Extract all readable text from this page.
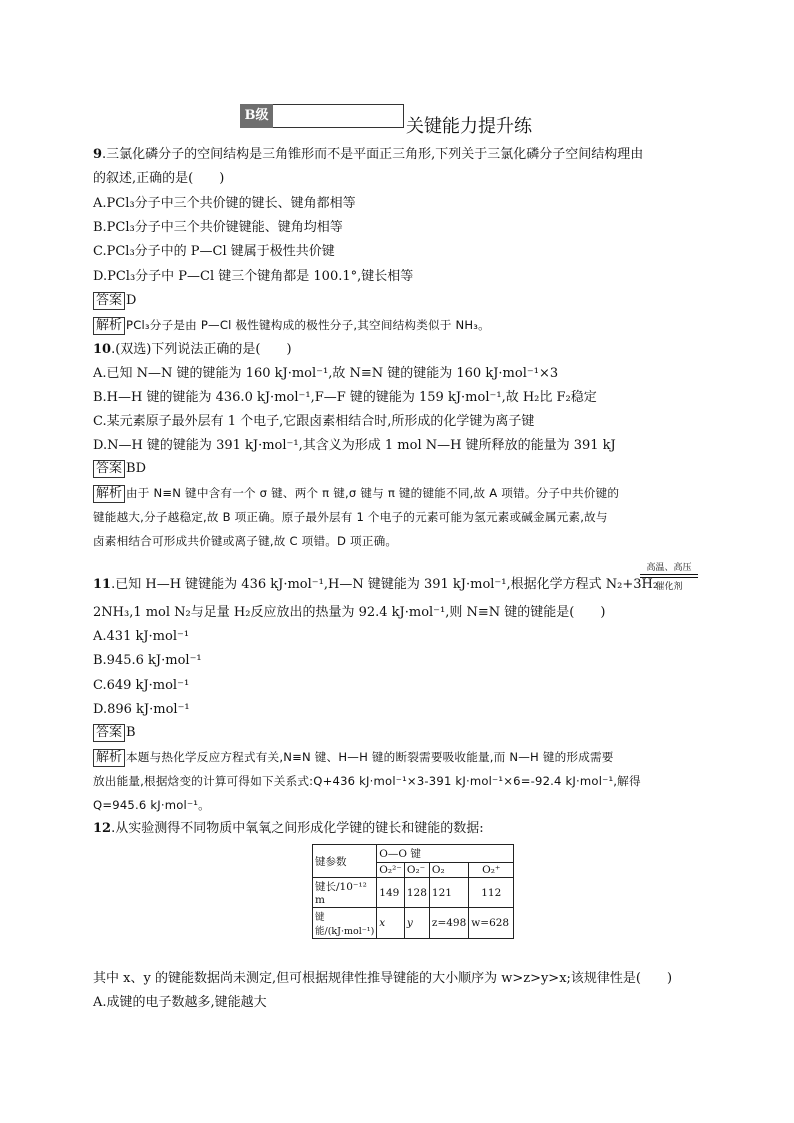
B级
关键能力提升练
9.三氯化磷分子的空间结构是三角锥形而不是平面正三角形,下列关于三氯化磷分子空间结构理由
的叙述,正确的是(　　)
A.PCl₃分子中三个共价键的键长、键角都相等
B.PCl₃分子中三个共价键键能、键角均相等
C.PCl₃分子中的 P—Cl 键属于极性共价键
D.PCl₃分子中 P—Cl 键三个键角都是 100.1°,键长相等
答案 D
解析 PCl₃分子是由 P—Cl 极性键构成的极性分子,其空间结构类似于 NH₃。
10.(双选)下列说法正确的是(　　)
A.已知 N—N 键的键能为 160 kJ·mol⁻¹,故 N≡N 键的键能为 160 kJ·mol⁻¹×3
B.H—H 键的键能为 436.0 kJ·mol⁻¹,F—F 键的键能为 159 kJ·mol⁻¹,故 H₂比 F₂稳定
C.某元素原子最外层有 1 个电子,它跟卤素相结合时,所形成的化学键为离子键
D.N—H 键的键能为 391 kJ·mol⁻¹,其含义为形成 1 mol N—H 键所释放的能量为 391 kJ
答案 BD
解析 由于 N≡N 键中含有一个 σ 键、两个 π 键,σ 键与 π 键的键能不同,故 A 项错。分子中共价键的
键能越大,分子越稳定,故 B 项正确。原子最外层有 1 个电子的元素可能为氢元素或碱金属元素,故与
卤素相结合可形成共价键或离子键,故 C 项错。D 项正确。
11.已知 H—H 键键能为 436 kJ·mol⁻¹,H—N 键键能为 391 kJ·mol⁻¹,根据化学方程式 N₂+3H₂
高温、高压
催化剂
2NH₃,1 mol N₂与足量 H₂反应放出的热量为 92.4 kJ·mol⁻¹,则 N≡N 键的键能是(　　)
A.431 kJ·mol⁻¹
B.945.6 kJ·mol⁻¹
C.649 kJ·mol⁻¹
D.896 kJ·mol⁻¹
答案 B
解析 本题与热化学反应方程式有关,N≡N 键、H—H 键的断裂需要吸收能量,而 N—H 键的形成需要
放出能量,根据焓变的计算可得如下关系式:Q+436 kJ·mol⁻¹×3-391 kJ·mol⁻¹×6=-92.4 kJ·mol⁻¹,解得
Q=945.6 kJ·mol⁻¹。
12.从实验测得不同物质中氧氧之间形成化学键的键长和键能的数据:
键参数	O—O 键			
	O₂²⁻	O₂⁻	O₂	O₂⁺
键长/10⁻¹² m	149	128	121	112
键能/(kJ·mol⁻¹)	x	y	z=498	w=628
其中 x、y 的键能数据尚未测定,但可根据规律性推导键能的大小顺序为 w>z>y>x;该规律性是(　　)
A.成键的电子数越多,键能越大
